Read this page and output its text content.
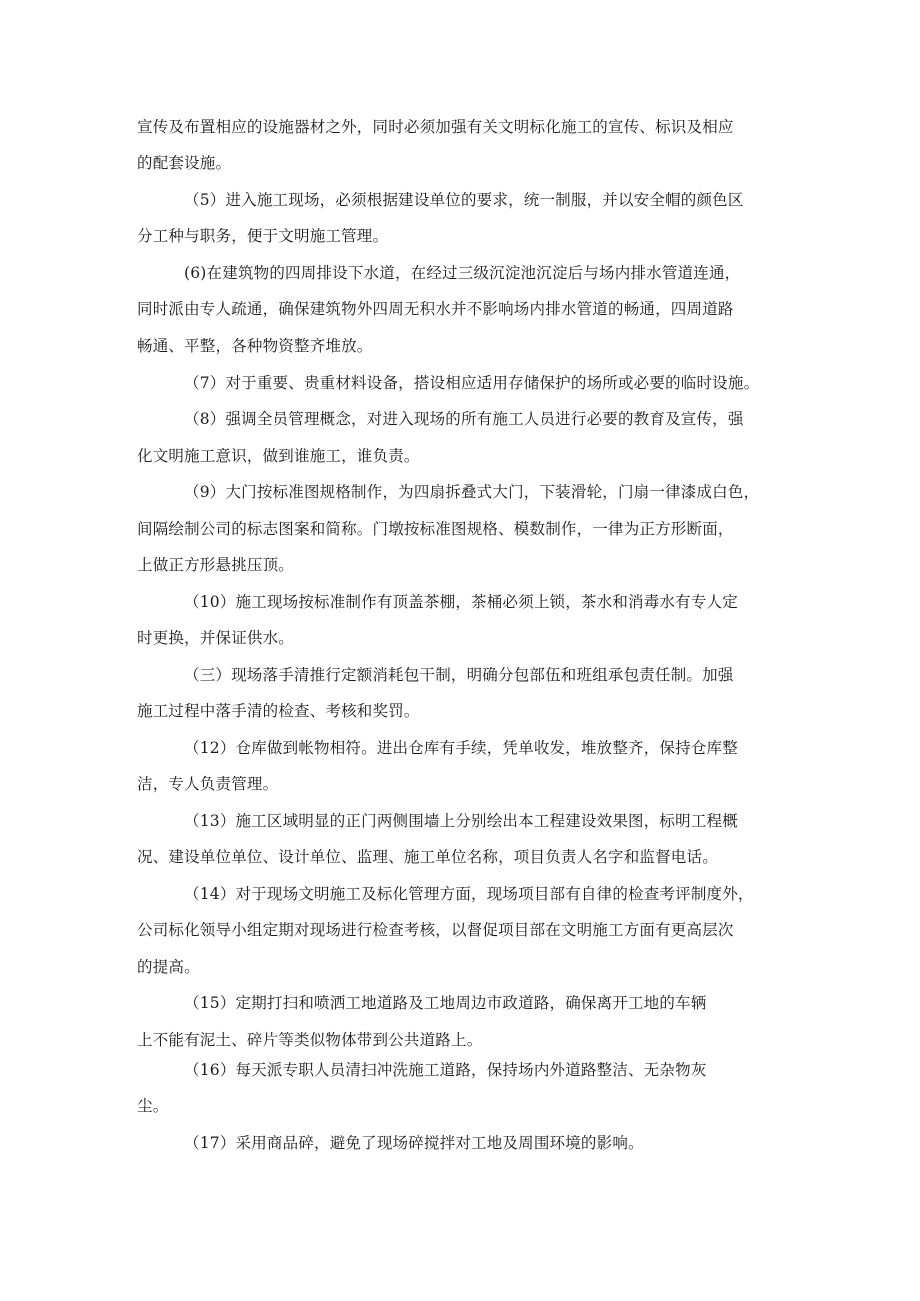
宣传及布置相应的设施器材之外，同时必须加强有关文明标化施工的宣传、标识及相应
的配套设施。
（5）进入施工现场，必须根据建设单位的要求，统一制服，并以安全帽的颜色区
分工种与职务，便于文明施工管理。
(6)在建筑物的四周排设下水道，在经过三级沉淀池沉淀后与场内排水管道连通，
同时派由专人疏通，确保建筑物外四周无积水并不影响场内排水管道的畅通，四周道路
畅通、平整，各种物资整齐堆放。
（7）对于重要、贵重材料设备，搭设相应适用存储保护的场所或必要的临时设施。
（8）强调全员管理概念，对进入现场的所有施工人员进行必要的教育及宣传，强
化文明施工意识，做到谁施工，谁负责。
（9）大门按标准图规格制作，为四扇拆叠式大门，下装滑轮，门扇一律漆成白色，
间隔绘制公司的标志图案和简称。门墩按标准图规格、模数制作，一律为正方形断面，
上做正方形悬挑压顶。
（10）施工现场按标准制作有顶盖茶棚，茶桶必须上锁，茶水和消毒水有专人定
时更换，并保证供水。
（三）现场落手清推行定额消耗包干制，明确分包部伍和班组承包责任制。加强
施工过程中落手清的检查、考核和奖罚。
（12）仓库做到帐物相符。进出仓库有手续，凭单收发，堆放整齐，保持仓库整
洁，专人负责管理。
（13）施工区域明显的正门两侧围墙上分别绘出本工程建设效果图，标明工程概
况、建设单位单位、设计单位、监理、施工单位名称，项目负责人名字和监督电话。
（14）对于现场文明施工及标化管理方面，现场项目部有自律的检查考评制度外，
公司标化领导小组定期对现场进行检查考核，以督促项目部在文明施工方面有更高层次
的提高。
（15）定期打扫和喷洒工地道路及工地周边市政道路，确保离开工地的车辆
上不能有泥土、碎片等类似物体带到公共道路上。
（16）每天派专职人员清扫冲洗施工道路，保持场内外道路整洁、无杂物灰
尘。
（17）采用商品碎，避免了现场碎搅拌对工地及周围环境的影响。
